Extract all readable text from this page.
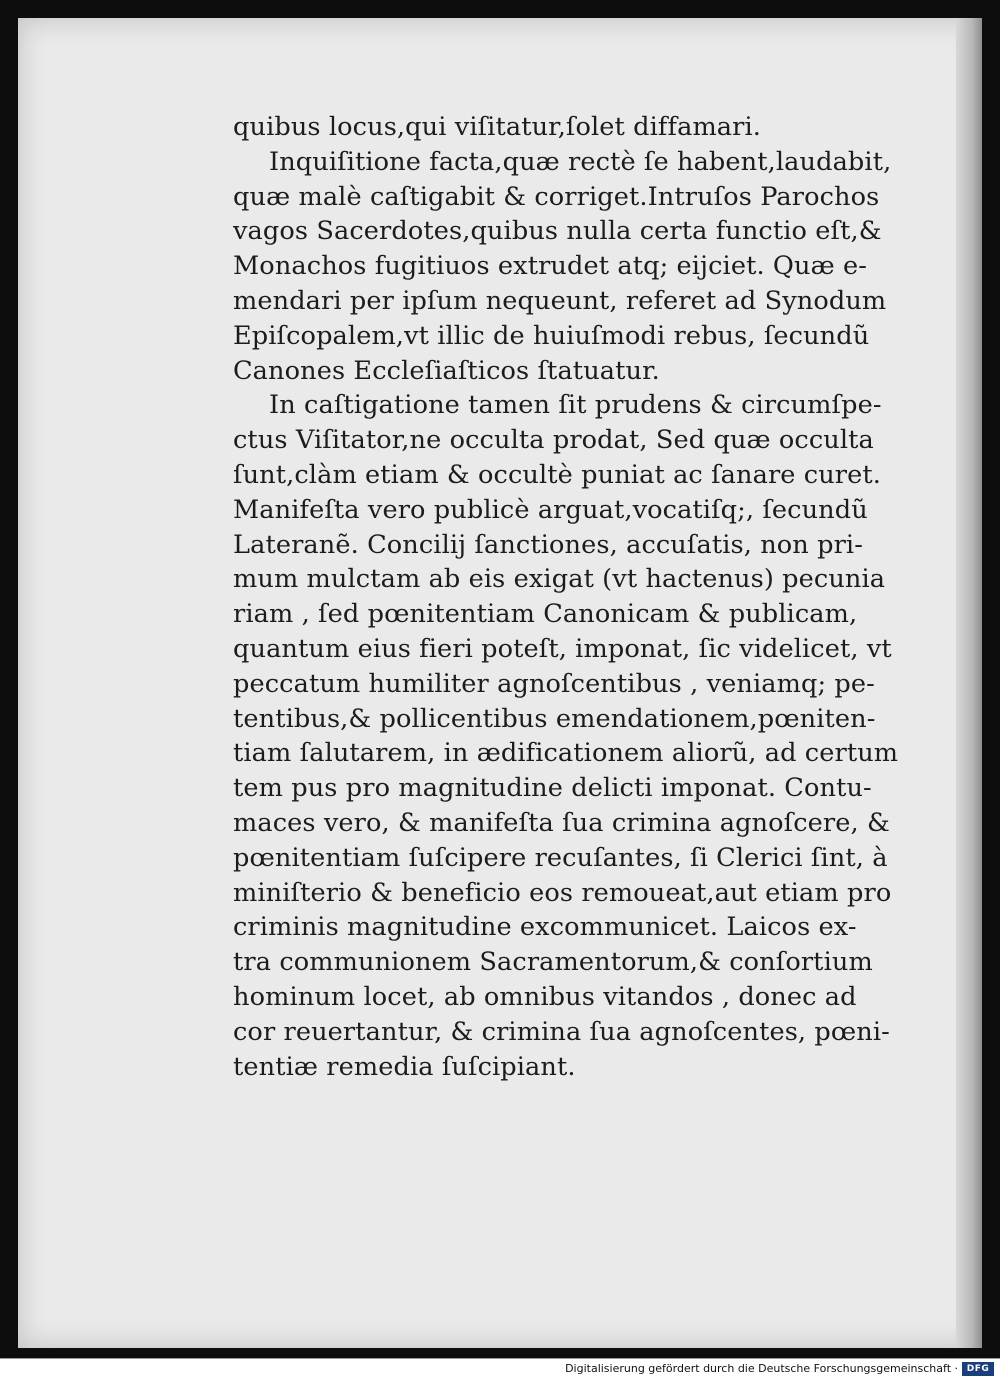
quibus locus,qui viſitatur,ſolet diffamari.
Inquiſitione facta,quæ rectè ſe habent,laudabit,
quæ malè caſtigabit & corriget.Intruſos Parochos
vagos Sacerdotes,quibus nulla certa functio eſt,&
Monachos fugitiuos extrudet atq; eijciet. Quæ e-
mendari per ipſum nequeunt, referet ad Synodum
Epiſcopalem,vt illic de huiuſmodi rebus, ſecundũ
Canones Eccleſiaſticos ſtatuatur.
In caſtigatione tamen ſit prudens & circumſpe-
ctus Viſitator,ne occulta prodat, Sed quæ occulta
ſunt,clàm etiam & occultè puniat ac ſanare curet.
Manifeſta vero publicè arguat,vocatiſq;, ſecundũ
Lateranẽ. Concilij ſanctiones, accuſatis, non pri-
mum mulctam ab eis exigat (vt hactenus) pecunia
riam , ſed pœnitentiam Canonicam & publicam,
quantum eius fieri poteſt, imponat, ſic videlicet, vt
peccatum humiliter agnoſcentibus , veniamq; pe-
tentibus,& pollicentibus emendationem,pœniten-
tiam ſalutarem, in ædificationem aliorũ, ad certum
tem pus pro magnitudine delicti imponat. Contu-
maces vero, & manifeſta ſua crimina agnoſcere, &
pœnitentiam ſuſcipere recuſantes, ſi Clerici ſint, à
miniſterio & beneficio eos remoueat,aut etiam pro
criminis magnitudine excommunicet. Laicos ex-
tra communionem Sacramentorum,& conſortium
hominum locet, ab omnibus vitandos , donec ad
cor reuertantur, & crimina ſua agnoſcentes, pœni-
tentiæ remedia ſuſcipiant.
Digitalisierung gefördert durch die Deutsche Forschungsgemeinschaft · DFG
